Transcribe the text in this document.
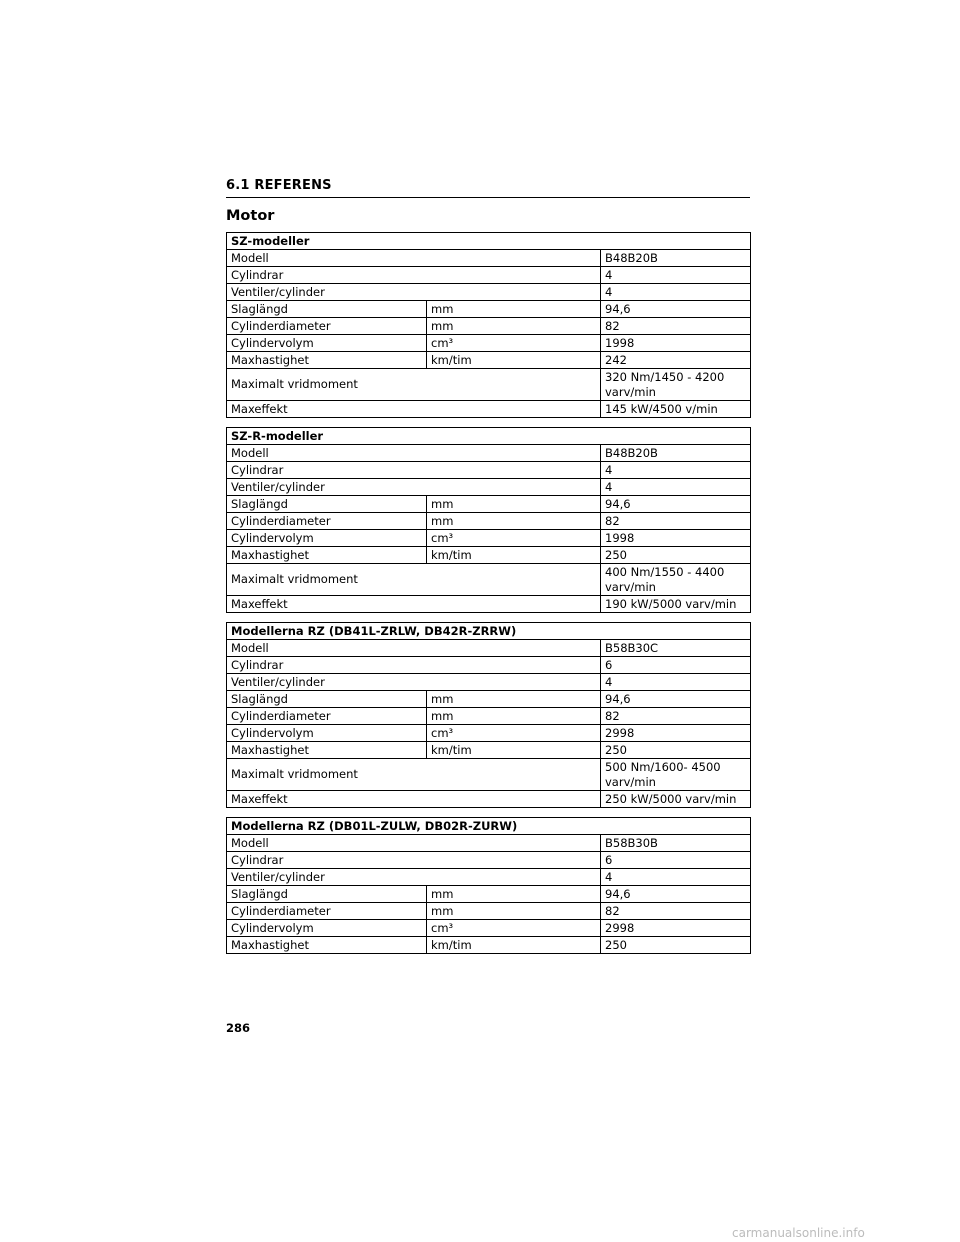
6.1 REFERENS
Motor
SZ-modeller		
Modell		B48B20B
Cylindrar		4
Ventiler/cylinder		4
Slaglängd	mm	94,6
Cylinderdiameter	mm	82
Cylindervolym	cm³	1998
Maxhastighet	km/tim	242
Maximalt vridmoment		320 Nm/1450 - 4200 varv/min
Maxeffekt		145 kW/4500 v/min
SZ-R-modeller		
Modell		B48B20B
Cylindrar		4
Ventiler/cylinder		4
Slaglängd	mm	94,6
Cylinderdiameter	mm	82
Cylindervolym	cm³	1998
Maxhastighet	km/tim	250
Maximalt vridmoment		400 Nm/1550 - 4400 varv/min
Maxeffekt		190 kW/5000 varv/min
Modellerna RZ (DB41L-ZRLW, DB42R-ZRRW)		
Modell		B58B30C
Cylindrar		6
Ventiler/cylinder		4
Slaglängd	mm	94,6
Cylinderdiameter	mm	82
Cylindervolym	cm³	2998
Maxhastighet	km/tim	250
Maximalt vridmoment		500 Nm/1600- 4500 varv/min
Maxeffekt		250 kW/5000 varv/min
Modellerna RZ (DB01L-ZULW, DB02R-ZURW)		
Modell		B58B30B
Cylindrar		6
Ventiler/cylinder		4
Slaglängd	mm	94,6
Cylinderdiameter	mm	82
Cylindervolym	cm³	2998
Maxhastighet	km/tim	250
286
carmanualsonline.info
